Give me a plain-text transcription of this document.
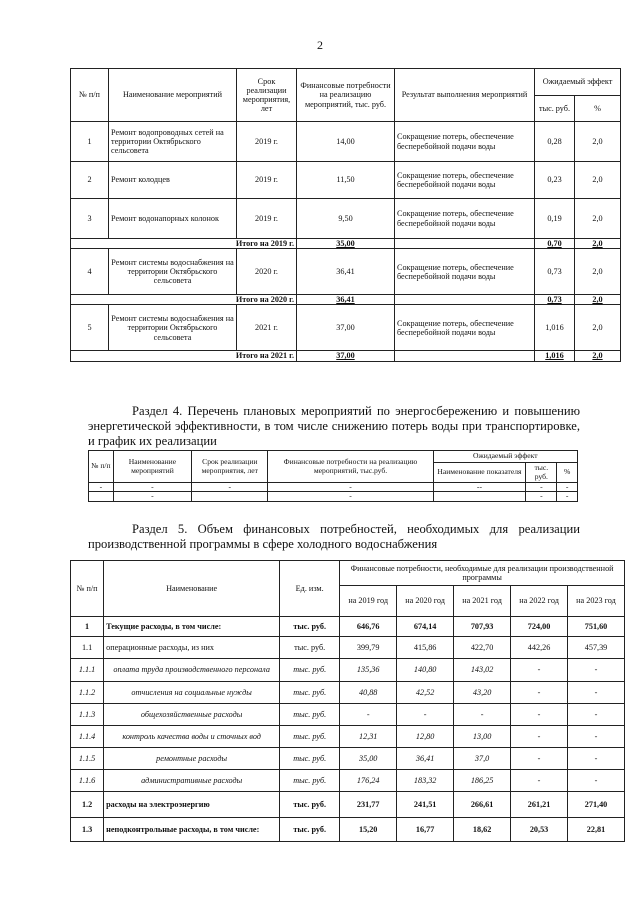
2
№ п/п	Наименование мероприятий	Срок реализации мероприятия, лет	Финансовые потребности на реализацию мероприятий, тыс. руб.	Результат выполнения мероприятий	Ожидаемый эффект	
					тыс. руб.	%
1	Ремонт водопроводных сетей на территории Октябрьского сельсовета	2019 г.	14,00	Сокращение потерь, обеспечение бесперебойной подачи воды	0,28	2,0
2	Ремонт колодцев	2019 г.	11,50	Сокращение потерь, обеспечение бесперебойной подачи воды	0,23	2,0
3	Ремонт водонапорных колонок	2019 г.	9,50	Сокращение потерь, обеспечение бесперебойной подачи воды	0,19	2,0
Итого на 2019 г.			35,00		0,70	2,0
4	Ремонт системы водоснабжения на территории Октябрьского сельсовета	2020 г.	36,41	Сокращение потерь, обеспечение бесперебойной подачи воды	0,73	2,0
Итого на 2020 г.			36,41		0,73	2,0
5	Ремонт системы водоснабжения на территории Октябрьского сельсовета	2021 г.	37,00	Сокращение потерь, обеспечение бесперебойной подачи воды	1,016	2,0
Итого на 2021 г.			37,00		1,016	2,0
Раздел 4. Перечень плановых мероприятий по энергосбережению и повышению энергетической эффективности, в том числе снижению потерь воды при транспортировке, и график их реализации
№ п/п	Наименование мероприятий	Срок реализации мероприятия, лет	Финансовые потребности на реализацию мероприятий, тыс.руб.	Ожидаемый эффект		
				Наименование показателя	тыс. руб.	%
-	-	-	-	--	-	-
	-		-		-	-
Раздел 5. Объем финансовых потребностей, необходимых для реализации производственной программы в сфере холодного водоснабжения
№ п/п	Наименование	Ед. изм.	Финансовые потребности, необходимые для реализации производственной программы				
			на 2019 год	на 2020 год	на 2021 год	на 2022 год	на 2023 год
1	Текущие расходы, в том числе:	тыс. руб.	646,76	674,14	707,93	724,00	751,60
1.1	операционные расходы, из них	тыс. руб.	399,79	415,86	422,70	442,26	457,39
1.1.1	оплата труда производственного персонала	тыс. руб.	135,36	140,80	143,02	-	-
1.1.2	отчисления на социальные нужды	тыс. руб.	40,88	42,52	43,20	-	-
1.1.3	общехозяйственные расходы	тыс. руб.	-	-	-	-	-
1.1.4	контроль качества воды и сточных вод	тыс. руб.	12,31	12,80	13,00	-	-
1.1.5	ремонтные расходы	тыс. руб.	35,00	36,41	37,0	-	-
1.1.6	административные расходы	тыс. руб.	176,24	183,32	186,25	-	-
1.2	расходы на электроэнергию	тыс. руб.	231,77	241,51	266,61	261,21	271,40
1.3	неподконтрольные расходы, в том числе:	тыс. руб.	15,20	16,77	18,62	20,53	22,81
